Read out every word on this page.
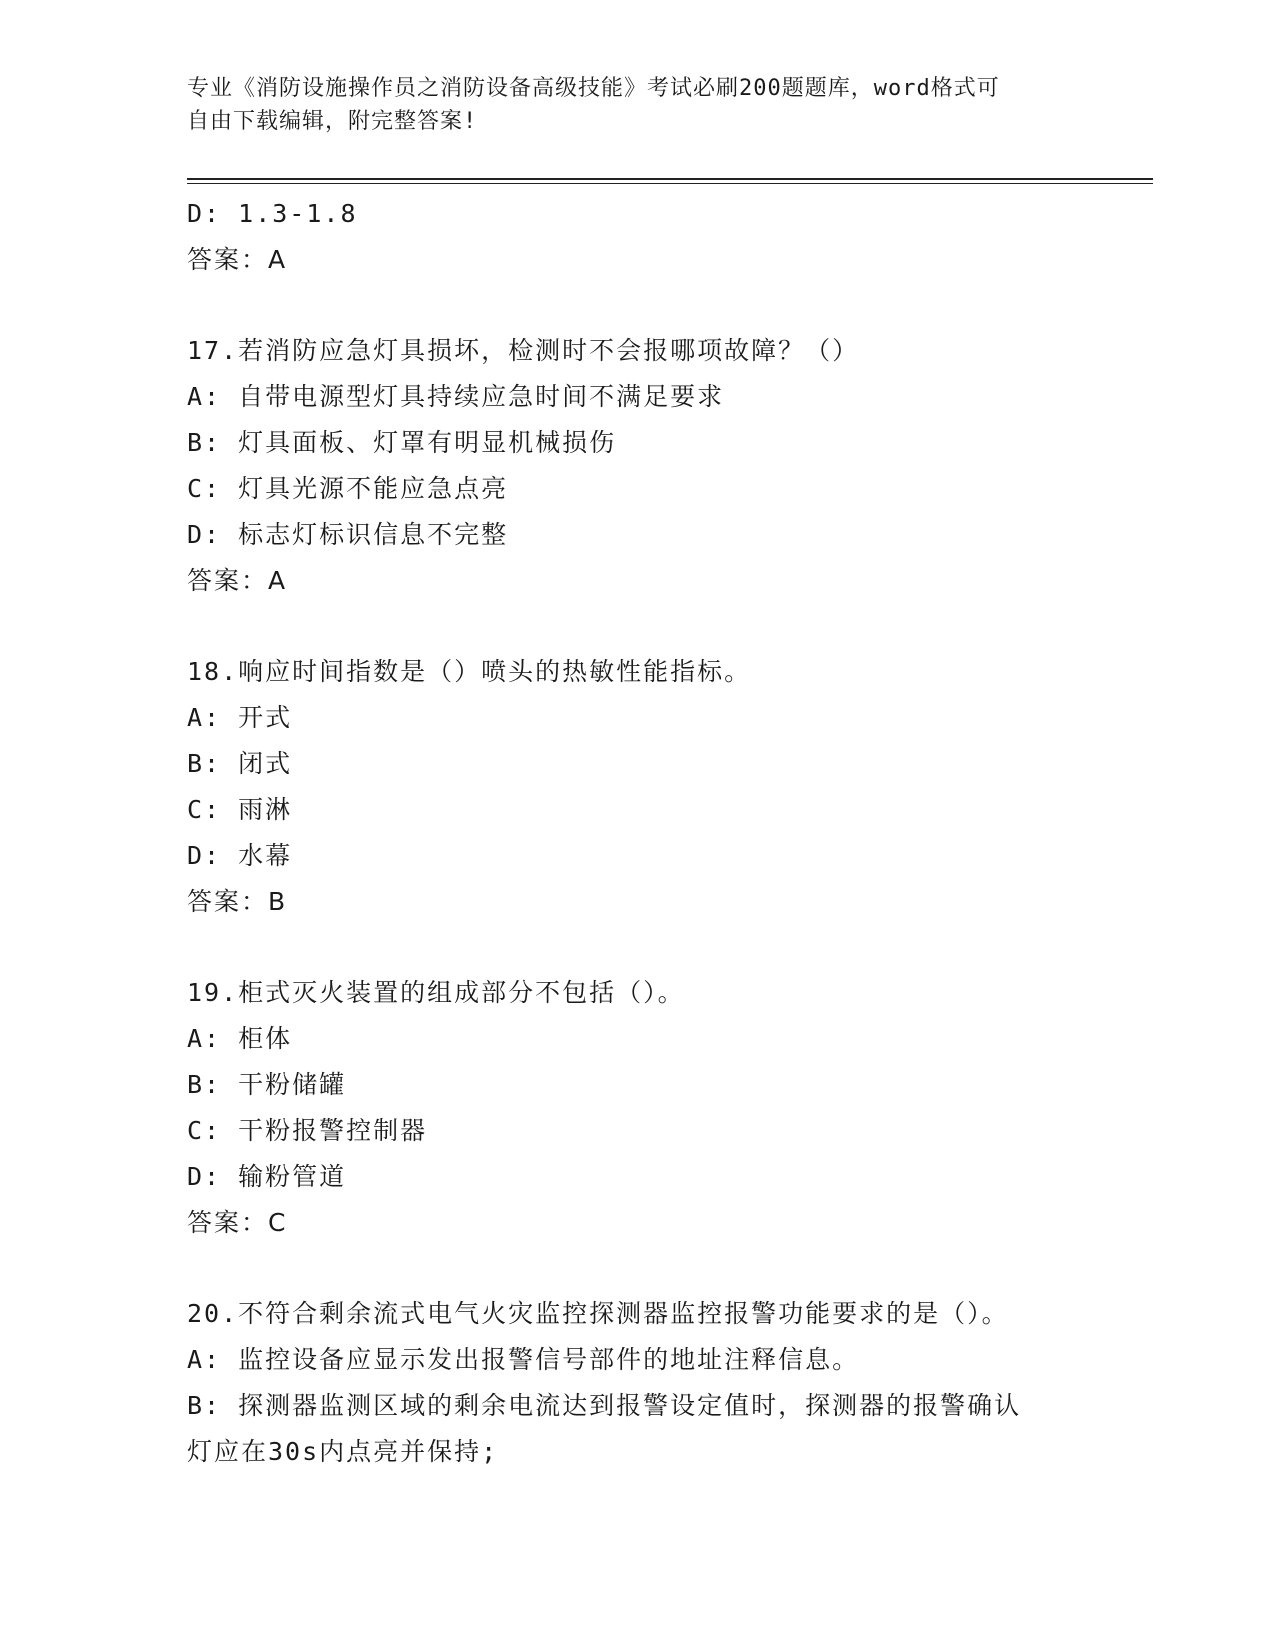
专业《消防设施操作员之消防设备高级技能》考试必刷200题题库，word格式可
自由下载编辑，附完整答案!
D: 1.3-1.8
答案：A
17.若消防应急灯具损坏，检测时不会报哪项故障？（）
A: 自带电源型灯具持续应急时间不满足要求
B: 灯具面板、灯罩有明显机械损伤
C: 灯具光源不能应急点亮
D: 标志灯标识信息不完整
答案：A
18.响应时间指数是（）喷头的热敏性能指标。
A: 开式
B: 闭式
C: 雨淋
D: 水幕
答案：B
19.柜式灭火装置的组成部分不包括（）。
A: 柜体
B: 干粉储罐
C: 干粉报警控制器
D: 输粉管道
答案：C
20.不符合剩余流式电气火灾监控探测器监控报警功能要求的是（）。
A: 监控设备应显示发出报警信号部件的地址注释信息。
B: 探测器监测区域的剩余电流达到报警设定值时，探测器的报警确认
灯应在30s内点亮并保持;
